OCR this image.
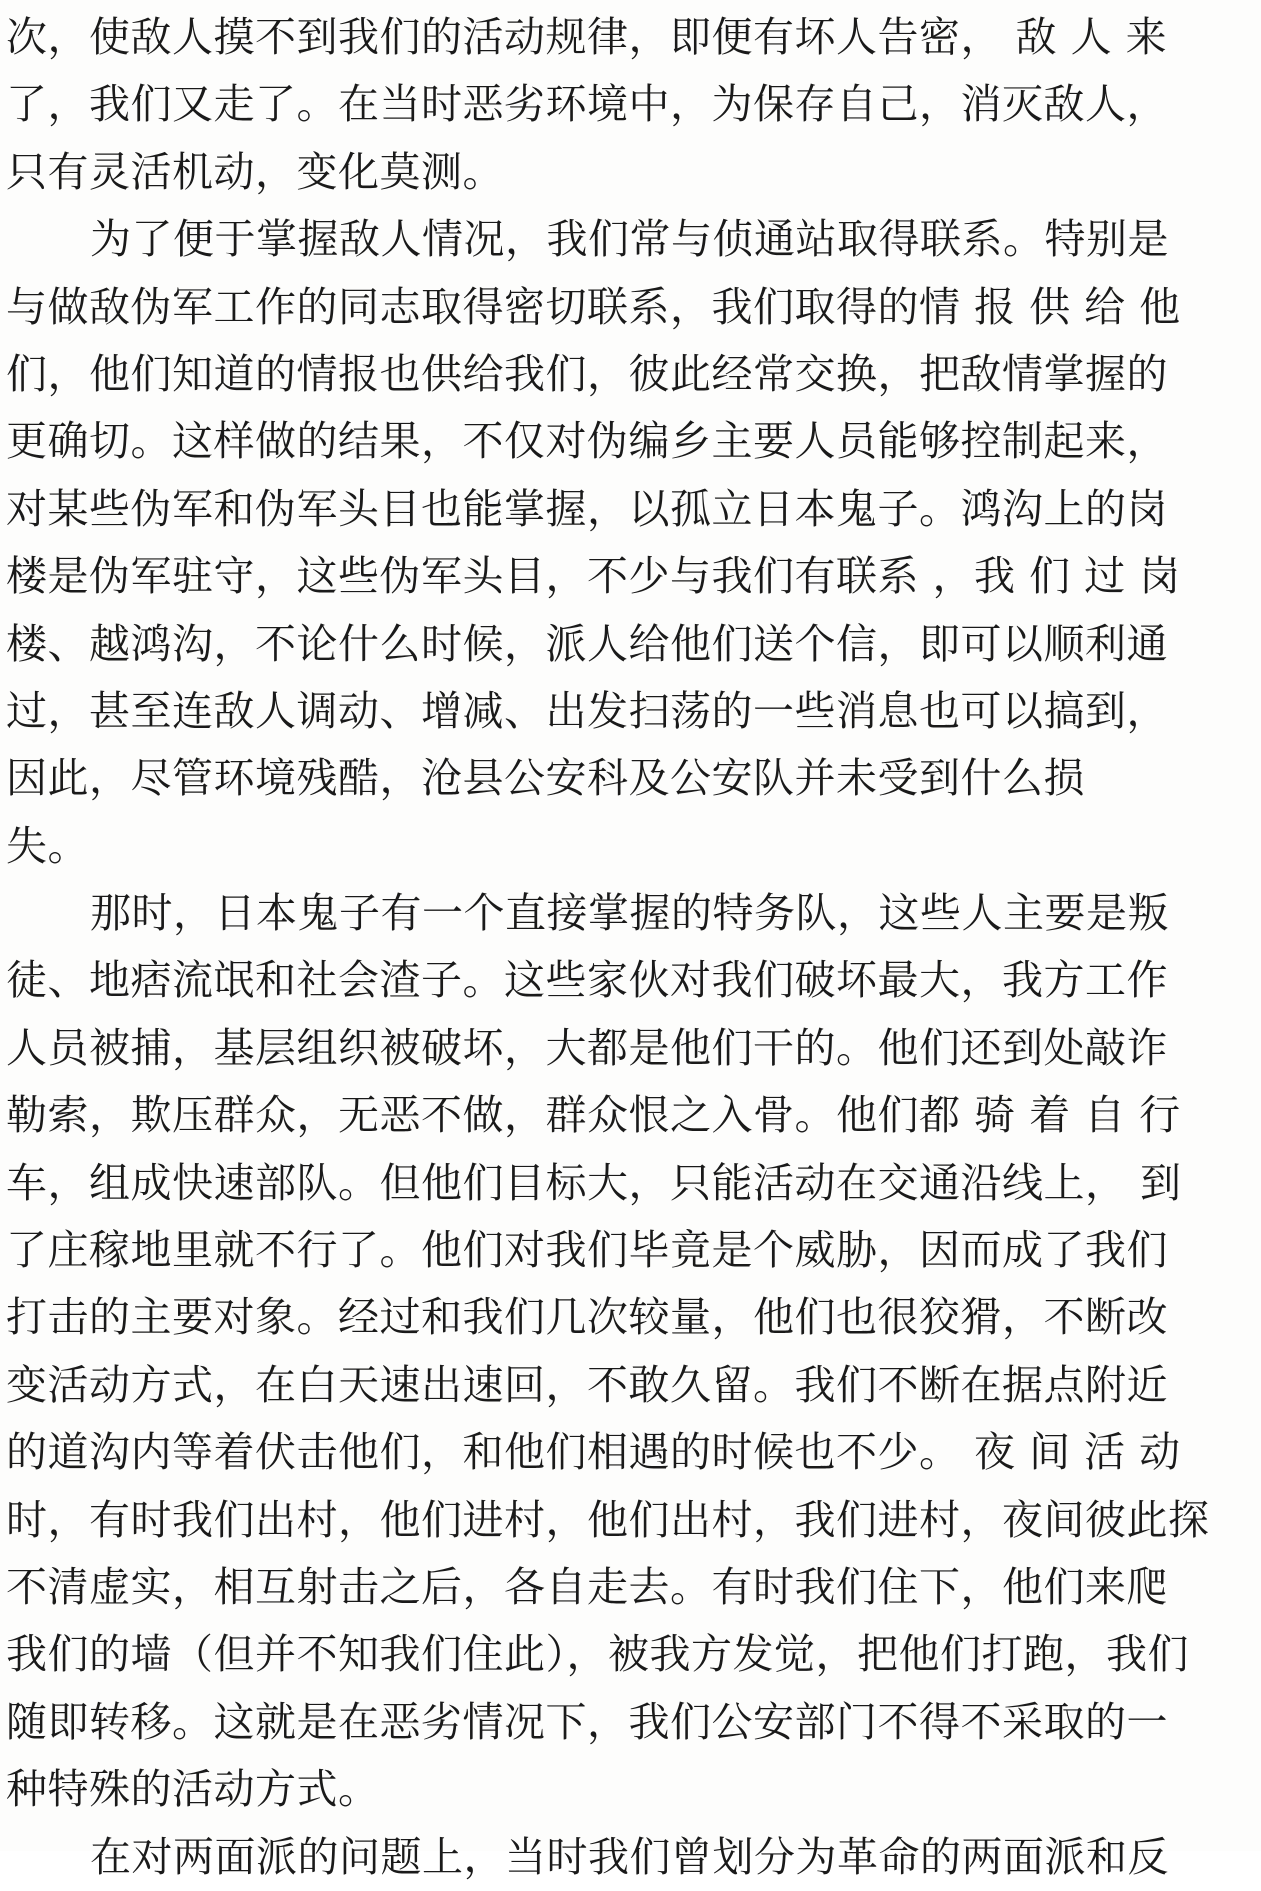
次，使敌人摸不到我们的活动规律，即便有坏人告密， 敌 人 来
了，我们又走了。在当时恶劣环境中，为保存自己，消灭敌人，
只有灵活机动，变化莫测。
为了便于掌握敌人情况，我们常与侦通站取得联系。特别是
与做敌伪军工作的同志取得密切联系，我们取得的情 报 供 给 他
们，他们知道的情报也供给我们，彼此经常交换，把敌情掌握的
更确切。这样做的结果，不仅对伪编乡主要人员能够控制起来，
对某些伪军和伪军头目也能掌握，以孤立日本鬼子。鸿沟上的岗
楼是伪军驻守，这些伪军头目，不少与我们有联系 ，我 们 过 岗
楼、越鸿沟，不论什么时候，派人给他们送个信，即可以顺利通
过，甚至连敌人调动、增减、出发扫荡的一些消息也可以搞到，
因此，尽管环境残酷，沧县公安科及公安队并未受到什么损
失。
那时，日本鬼子有一个直接掌握的特务队，这些人主要是叛
徒、地痞流氓和社会渣子。这些家伙对我们破坏最大，我方工作
人员被捕，基层组织被破坏，大都是他们干的。他们还到处敲诈
勒索，欺压群众，无恶不做，群众恨之入骨。他们都 骑 着 自 行
车，组成快速部队。但他们目标大，只能活动在交通沿线上， 到
了庄稼地里就不行了。他们对我们毕竟是个威胁，因而成了我们
打击的主要对象。经过和我们几次较量，他们也很狡猾，不断改
变活动方式，在白天速出速回，不敢久留。我们不断在据点附近
的道沟内等着伏击他们，和他们相遇的时候也不少。 夜 间 活 动
时，有时我们出村，他们进村，他们出村，我们进村，夜间彼此探
不清虚实，相互射击之后，各自走去。有时我们住下，他们来爬
我们的墙（但并不知我们住此），被我方发觉，把他们打跑，我们
随即转移。这就是在恶劣情况下，我们公安部门不得不采取的一
种特殊的活动方式。
在对两面派的问题上，当时我们曾划分为革命的两面派和反
